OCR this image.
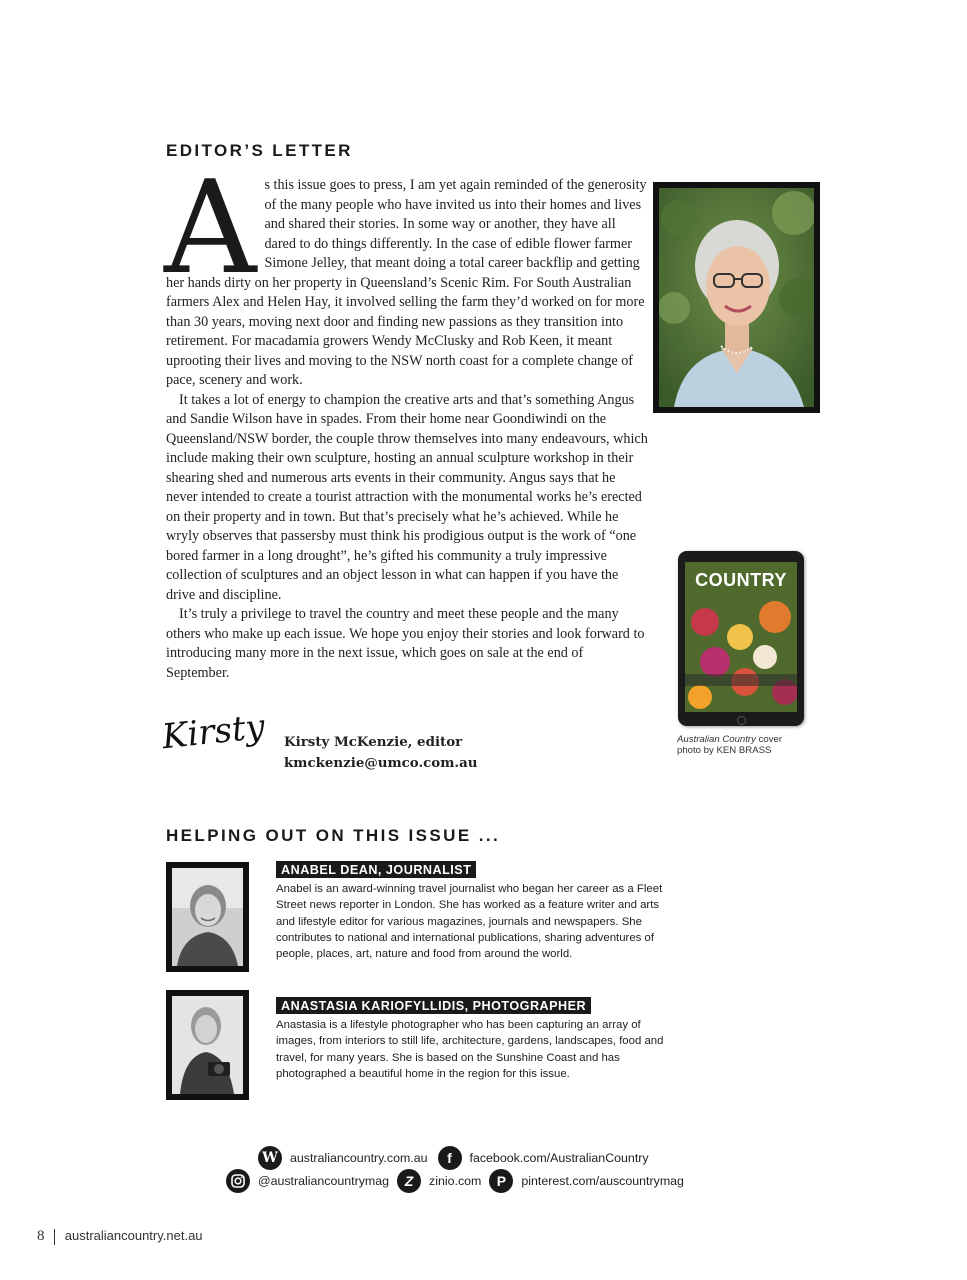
EDITOR’S LETTER
A s this issue goes to press, I am yet again reminded of the generosity of the many people who have invited us into their homes and lives and shared their stories. In some way or another, they have all dared to do things differently. In the case of edible flower farmer Simone Jelley, that meant doing a total career backflip and getting her hands dirty on her property in Queensland’s Scenic Rim. For South Australian farmers Alex and Helen Hay, it involved selling the farm they’d worked on for more than 30 years, moving next door and finding new passions as they transition into retirement. For macadamia growers Wendy McClusky and Rob Keen, it meant uprooting their lives and moving to the NSW north coast for a complete change of pace, scenery and work.

It takes a lot of energy to champion the creative arts and that’s something Angus and Sandie Wilson have in spades. From their home near Goondiwindi on the Queensland/NSW border, the couple throw themselves into many endeavours, which include making their own sculpture, hosting an annual sculpture workshop in their shearing shed and numerous arts events in their community. Angus says that he never intended to create a tourist attraction with the monumental works he’s erected on their property and in town. But that’s precisely what he’s achieved. While he wryly observes that passersby must think his prodigious output is the work of “one bored farmer in a long drought”, he’s gifted his community a truly impressive collection of sculptures and an object lesson in what can happen if you have the drive and discipline.

It’s truly a privilege to travel the country and meet these people and the many others who make up each issue. We hope you enjoy their stories and look forward to introducing many more in the next issue, which goes on sale at the end of September.

COUNTRY
Australian Country cover
photo by KEN BRASS
Kirsty Kirsty McKenzie, editor
kmckenzie@umco.com.au
HELPING OUT ON THIS ISSUE ...
ANABEL DEAN, JOURNALIST
Anabel is an award-winning travel journalist who began her career as a Fleet Street news reporter in London. She has worked as a feature writer and arts and lifestyle editor for various magazines, journals and newspapers. She contributes to national and international publications, sharing adventures of people, places, art, nature and food from around the world.
ANASTASIA KARIOFYLLIDIS, PHOTOGRAPHER
Anastasia is a lifestyle photographer who has been capturing an array of images, from interiors to still life, architecture, gardens, landscapes, food and travel, for many years. She is based on the Sunshine Coast and has photographed a beautiful home in the region for this issue.
W australiancountry.com.au	f	facebook.com/AustralianCountry
@australiancountrymag	Z	zinio.com	P	pinterest.com/auscountrymag
8 australiancountry.net.au
